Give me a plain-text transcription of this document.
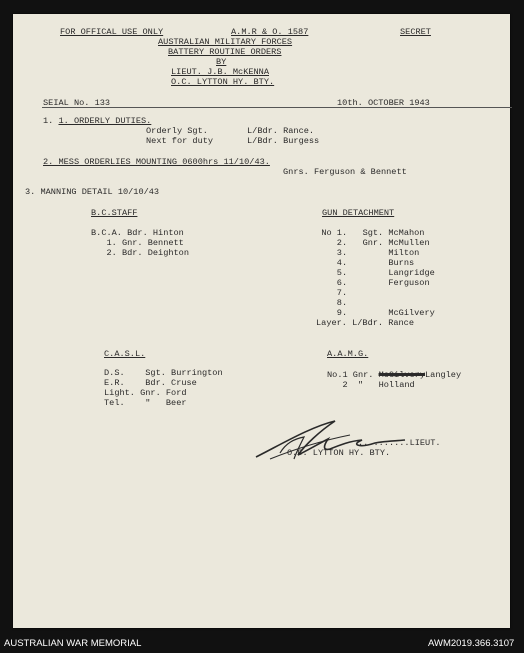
FOR OFFICAL USE ONLY	A.M.R & O. 1587	SECRET
AUSTRALIAN MILITARY FORCES
BATTERY ROUTINE ORDERS
BY
LIEUT. J.B. McKENNA
O.C. LYTTON HY. BTY.
SEIAL No. 133	10th. OCTOBER 1943
1. 1. ORDERLY DUTIES.
Orderly Sgt.	L/Bdr. Rance.
Next for duty	L/Bdr. Burgess
2. MESS ORDERLIES MOUNTING 0600hrs 11/10/43.
Gnrs. Ferguson & Bennett
3. MANNING DETAIL 10/10/43
B.C.STAFF
B.C.A. Bdr. Hinton
1. Gnr. Bennett
2. Bdr. Deighton
GUN DETACHMENT
No 1.   Sgt. McMahon
2.   Gnr. McMullen
3.        Milton
4.        Burns
5.        Langridge
6.        Ferguson
7.
8.
9.        McGilvery
Layer. L/Bdr. Rance
C.A.S.L.
D.S.    Sgt. Burrington
E.R.    Bdr. Cruse
Light. Gnr. Ford
Tel.    "   Beer
A.A.M.G.
No.1 Gnr. McGilveryLangley
2  "   Holland
..........LIEUT.
O.C. LYTTON HY. BTY.
AUSTRALIAN WAR MEMORIAL	AWM2019.366.3107
